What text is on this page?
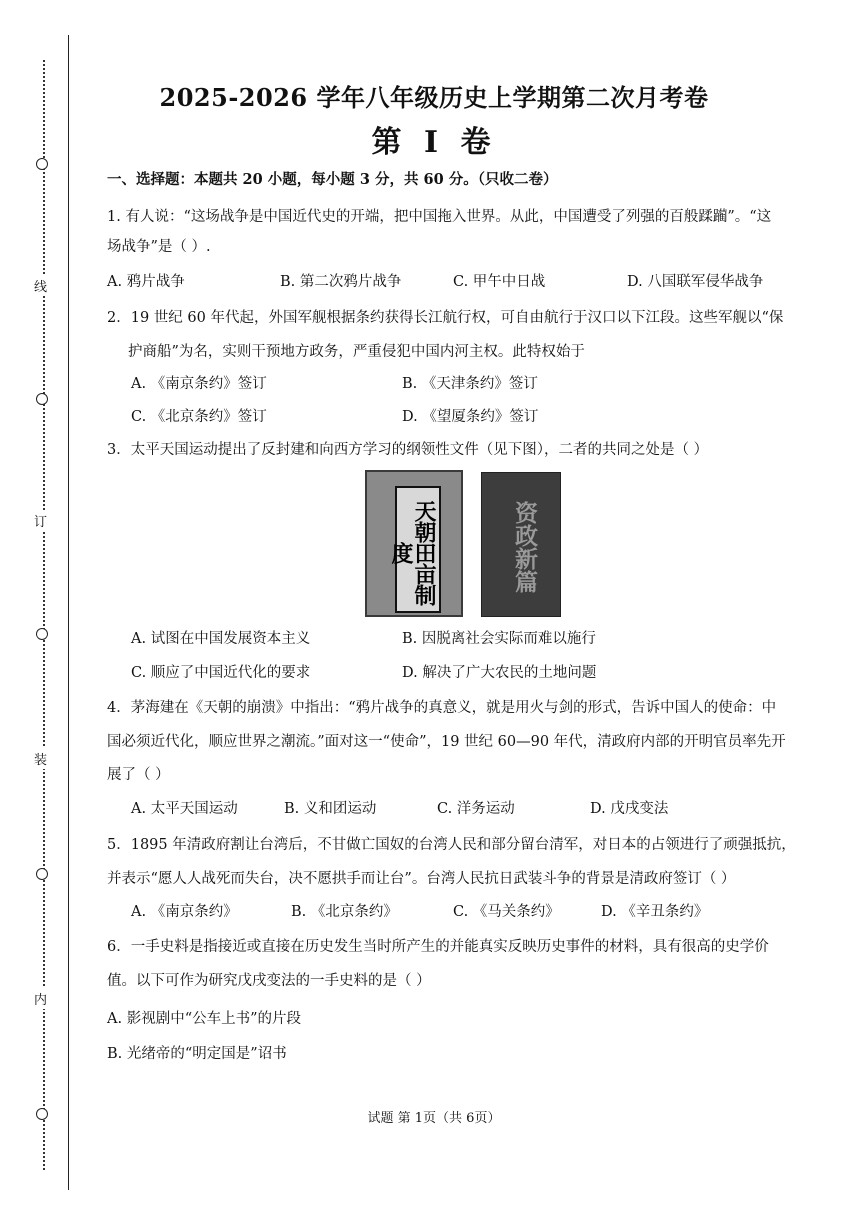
线
订
装
内
2025-2026 学年八年级历史上学期第二次月考卷
第 I 卷
一、选择题：本题共 20 小题，每小题 3 分，共 60 分。（只收二卷）
1. 有人说：“这场战争是中国近代史的开端，把中国拖入世界。从此，中国遭受了列强的百般蹂躏”。“这
场战争”是（ ）.
A. 鸦片战争	B. 第二次鸦片战争	C. 甲午中日战	D. 八国联军侵华战争
2．19 世纪 60 年代起，外国军舰根据条约获得长江航行权，可自由航行于汉口以下江段。这些军舰以“保
护商船”为名，实则干预地方政务，严重侵犯中国内河主权。此特权始于
A. 《南京条约》签订	B. 《天津条约》签订
C. 《北京条约》签订	D. 《望厦条约》签订
3．太平天国运动提出了反封建和向西方学习的纲领性文件（见下图），二者的共同之处是（ ）
天朝田亩制度	资政新篇
A. 试图在中国发展资本主义	B. 因脱离社会实际而难以施行
C. 顺应了中国近代化的要求	D. 解决了广大农民的土地问题
4．茅海建在《天朝的崩溃》中指出：“鸦片战争的真意义，就是用火与剑的形式，告诉中国人的使命：中
国必须近代化，顺应世界之潮流。”面对这一“使命”，19 世纪 60—90 年代，清政府内部的开明官员率先开
展了（ ）
A. 太平天国运动	B. 义和团运动	C. 洋务运动	D. 戊戌变法
5．1895 年清政府割让台湾后，不甘做亡国奴的台湾人民和部分留台清军，对日本的占领进行了顽强抵抗，
并表示“愿人人战死而失台，决不愿拱手而让台”。台湾人民抗日武装斗争的背景是清政府签订（ ）
A. 《南京条约》	B. 《北京条约》	C. 《马关条约》	D. 《辛丑条约》
6．一手史料是指接近或直接在历史发生当时所产生的并能真实反映历史事件的材料，具有很高的史学价
值。以下可作为研究戊戌变法的一手史料的是（ ）
A. 影视剧中“公车上书”的片段
B. 光绪帝的“明定国是”诏书
试题 第 1页（共 6页）
